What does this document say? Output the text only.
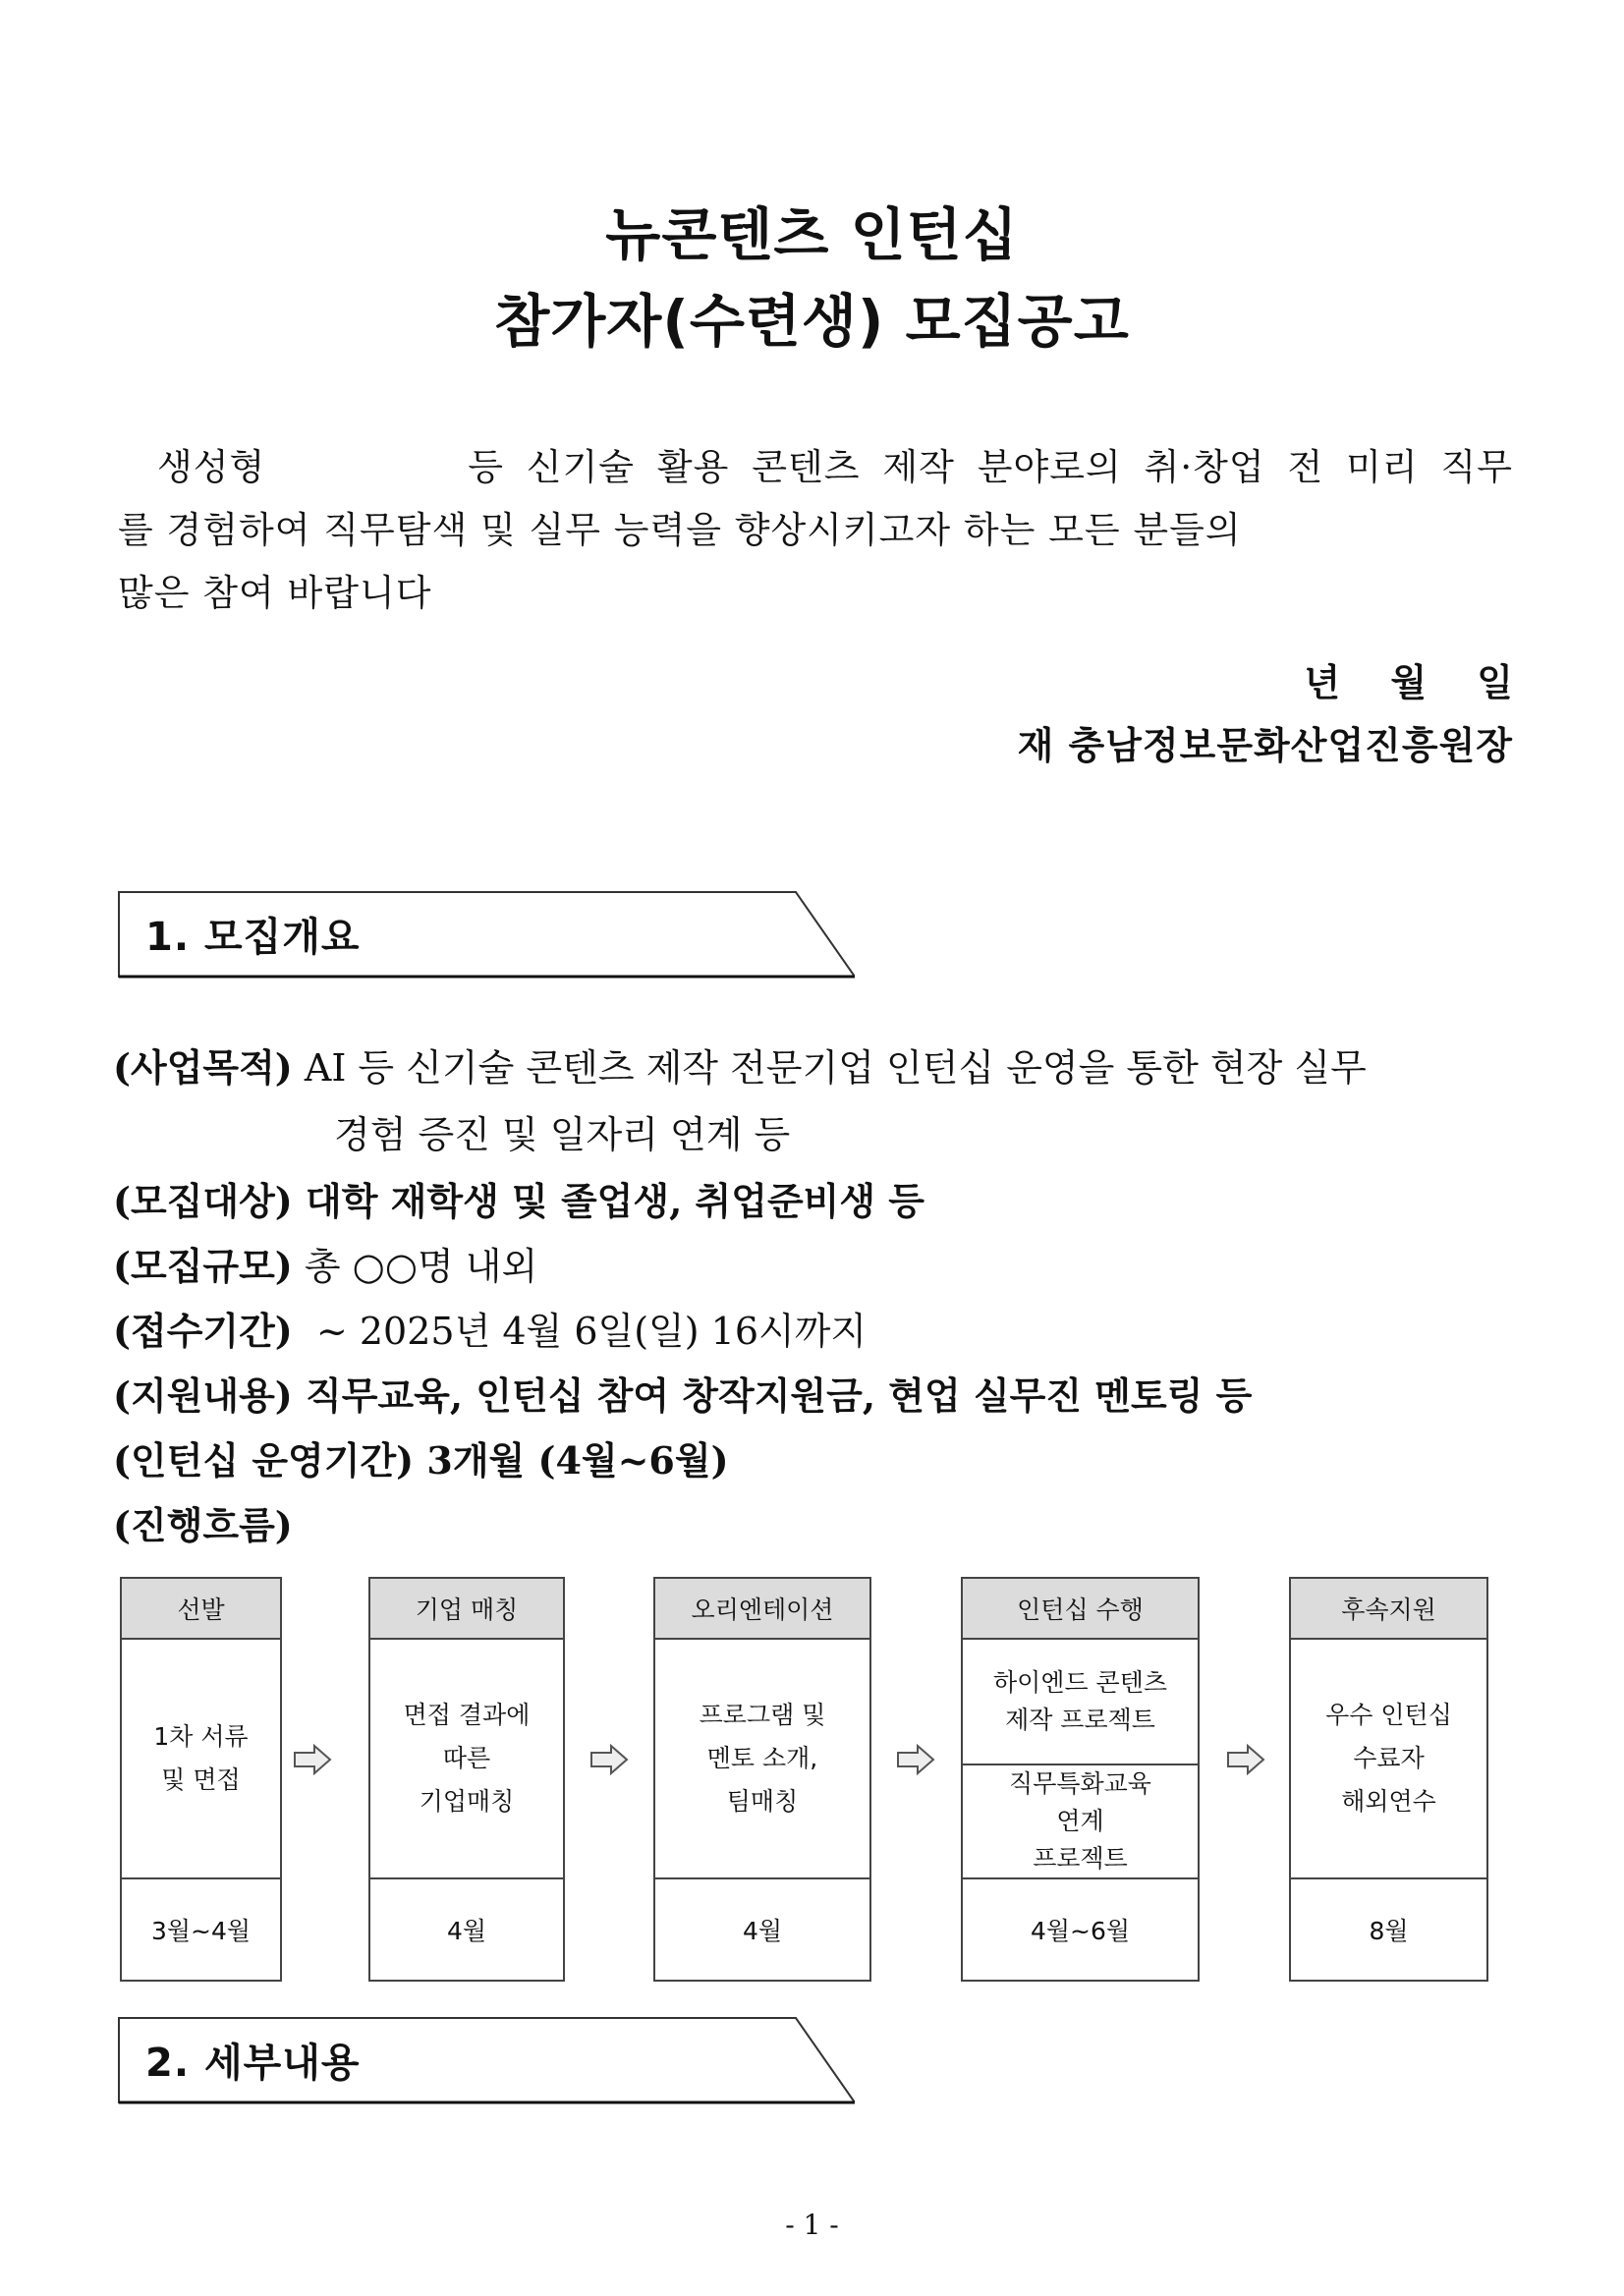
뉴콘텐츠 인턴십
참가자(수련생) 모집공고

생성형         등 신기술 활용 콘텐츠 제작 분야로의 취·창업 전 미리 직무

를 경험하여 직무탐색 및 실무 능력을 향상시키고자 하는 모든 분들의

많은 참여 바랍니다

년 월 일
재 충남정보문화산업진흥원장
1. 모집개요
(사업목적) AI 등 신기술 콘텐츠 제작 전문기업 인턴십 운영을 통한 현장 실무
경험 증진 및 일자리 연계 등
(모집대상) 대학 재학생 및 졸업생, 취업준비생 등
(모집규모) 총 ○○명 내외
(접수기간)  ~ 2025년 4월 6일(일) 16시까지
(지원내용) 직무교육, 인턴십 참여 창작지원금, 현업 실무진 멘토링 등
(인턴십 운영기간) 3개월 (4월~6월)
(진행흐름)
선발
1차 서류
및 면접
3월~4월
기업 매칭
면접 결과에
따른
기업매칭
4월
오리엔테이션
프로그램 및
멘토 소개,
팀매칭
4월
인턴십 수행
하이엔드 콘텐츠
제작 프로젝트
직무특화교육
연계
프로젝트
4월~6월
후속지원
우수 인턴십
수료자
해외연수
8월
2. 세부내용
- 1 -
